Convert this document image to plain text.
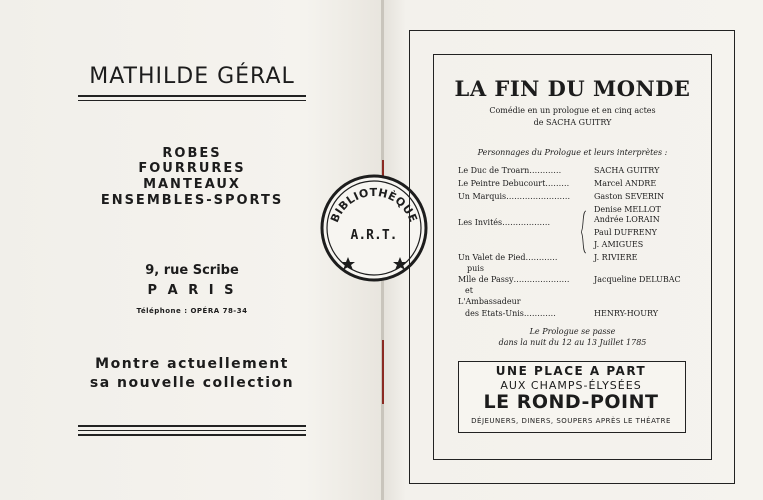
MATHILDE GÉRAL
ROBES
FOURRURES
MANTEAUX
ENSEMBLES-SPORTS
9, rue Scribe
P A R I S
Téléphone : OPÉRA 78-34
Montre actuellement
sa nouvelle collection
BIBLIOTHÈQUE
A.R.T.
LA FIN DU MONDE
Comédie en un prologue et en cinq actes
de SACHA GUITRY
Personnages du Prologue et leurs interprètes :
Le Duc de Troarn…………	SACHA GUITRY
Le Peintre Debucourt………	Marcel ANDRE
Un Marquis……………………	Gaston SEVERIN
Denise MELLOT
Les Invités………………	Andrée LORAIN
Paul DUFRENY
J. AMIGUES
Un Valet de Pied…………	J. RIVIERE
puis
Mlle de Passy…………………	Jacqueline DELUBAC
et
L'Ambassadeur
des Etats-Unis…………	HENRY-HOURY
Le Prologue se passe
dans la nuit du 12 au 13 Juillet 1785
UNE PLACE A PART
AUX CHAMPS-ÉLYSÉES
LE ROND-POINT
DÉJEUNERS, DINERS, SOUPERS APRÈS LE THÉATRE
